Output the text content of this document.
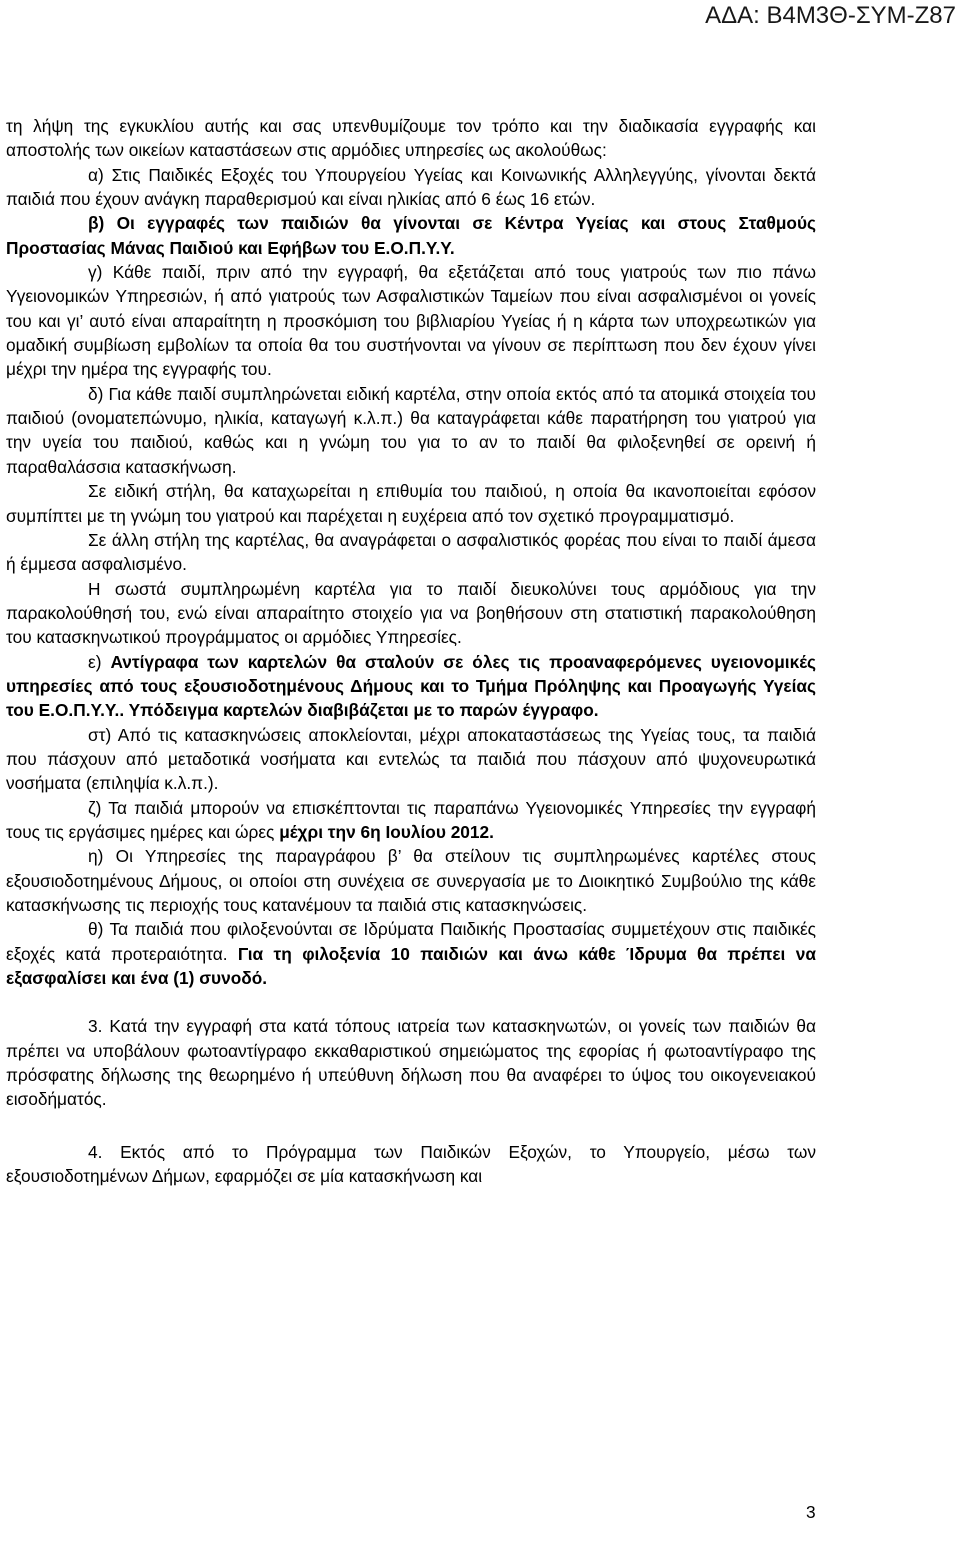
ΑΔΑ: Β4Μ3Θ-ΣΥΜ-Ζ87

τη λήψη της εγκυκλίου αυτής και σας υπενθυμίζουμε τον τρόπο και την διαδικασία εγγραφής και αποστολής των οικείων καταστάσεων στις αρμόδιες υπηρεσίες ως ακολούθως:

α) Στις Παιδικές Εξοχές του Υπουργείου Υγείας και Κοινωνικής Αλληλεγγύης, γίνονται δεκτά παιδιά που έχουν ανάγκη παραθερισμού και είναι ηλικίας από 6 έως 16 ετών.

β) Οι εγγραφές των παιδιών θα γίνονται σε Κέντρα Υγείας και στους Σταθμούς Προστασίας Μάνας Παιδιού και Εφήβων του Ε.Ο.Π.Υ.Υ.

γ) Κάθε παιδί, πριν από την εγγραφή, θα εξετάζεται από τους γιατρούς των πιο πάνω Υγειονομικών Υπηρεσιών, ή από γιατρούς των Ασφαλιστικών Ταμείων που είναι ασφαλισμένοι οι γονείς του και γι’ αυτό είναι απαραίτητη η προσκόμιση του βιβλιαρίου Υγείας ή η κάρτα των υποχρεωτικών για ομαδική συμβίωση εμβολίων τα οποία θα του συστήνονται να γίνουν σε περίπτωση που δεν έχουν γίνει μέχρι την ημέρα της εγγραφής του.

δ) Για κάθε παιδί συμπληρώνεται ειδική καρτέλα, στην οποία εκτός από τα ατομικά στοιχεία του παιδιού (ονοματεπώνυμο, ηλικία, καταγωγή κ.λ.π.) θα καταγράφεται κάθε παρατήρηση του γιατρού για την υγεία του παιδιού, καθώς και η γνώμη του για το αν το παιδί θα φιλοξενηθεί σε ορεινή ή παραθαλάσσια κατασκήνωση.

Σε ειδική στήλη, θα καταχωρείται η επιθυμία του παιδιού, η οποία θα ικανοποιείται εφόσον συμπίπτει με τη γνώμη του γιατρού και παρέχεται η ευχέρεια από τον σχετικό προγραμματισμό.

Σε άλλη στήλη της καρτέλας, θα αναγράφεται ο ασφαλιστικός φορέας που είναι το παιδί άμεσα ή έμμεσα ασφαλισμένο.

Η σωστά συμπληρωμένη καρτέλα για το παιδί διευκολύνει τους αρμόδιους για την παρακολούθησή του, ενώ είναι απαραίτητο στοιχείο για να βοηθήσουν στη στατιστική παρακολούθηση του κατασκηνωτικού προγράμματος οι αρμόδιες Υπηρεσίες.

ε) Αντίγραφα των καρτελών θα σταλούν σε όλες τις προαναφερόμενες υγειονομικές υπηρεσίες από τους εξουσιοδοτημένους Δήμους και το Τμήμα Πρόληψης και Προαγωγής Υγείας του Ε.Ο.Π.Υ.Υ.. Υπόδειγμα καρτελών διαβιβάζεται με το παρών έγγραφο.

στ) Από τις κατασκηνώσεις αποκλείονται, μέχρι αποκαταστάσεως της Υγείας τους, τα παιδιά που πάσχουν από μεταδοτικά νοσήματα και εντελώς τα παιδιά που πάσχουν από ψυχονευρωτικά νοσήματα (επιληψία κ.λ.π.).

ζ) Τα παιδιά μπορούν να επισκέπτονται τις παραπάνω Υγειονομικές Υπηρεσίες την εγγραφή τους τις εργάσιμες ημέρες και ώρες μέχρι την 6η Ιουλίου 2012.

η) Οι Υπηρεσίες της παραγράφου β’ θα στείλουν τις συμπληρωμένες καρτέλες στους εξουσιοδοτημένους Δήμους, οι οποίοι στη συνέχεια σε συνεργασία με το Διοικητικό Συμβούλιο της κάθε κατασκήνωσης τις περιοχής τους κατανέμουν τα παιδιά στις κατασκηνώσεις.

θ) Τα παιδιά που φιλοξενούνται σε Ιδρύματα Παιδικής Προστασίας συμμετέχουν στις παιδικές εξοχές κατά προτεραιότητα. Για τη φιλοξενία 10 παιδιών και άνω κάθε Ίδρυμα θα πρέπει να εξασφαλίσει και ένα (1) συνοδό.

3. Κατά την εγγραφή στα κατά τόπους ιατρεία των κατασκηνωτών, οι γονείς των παιδιών θα πρέπει να υποβάλουν φωτοαντίγραφο εκκαθαριστικού σημειώματος της εφορίας ή φωτοαντίγραφο της πρόσφατης δήλωσης της θεωρημένο ή υπεύθυνη δήλωση που θα αναφέρει το ύψος του οικογενειακού εισοδήματός.

4. Εκτός από το Πρόγραμμα των Παιδικών Εξοχών, το Υπουργείο, μέσω των εξουσιοδοτημένων Δήμων, εφαρμόζει σε μία κατασκήνωση και

3
